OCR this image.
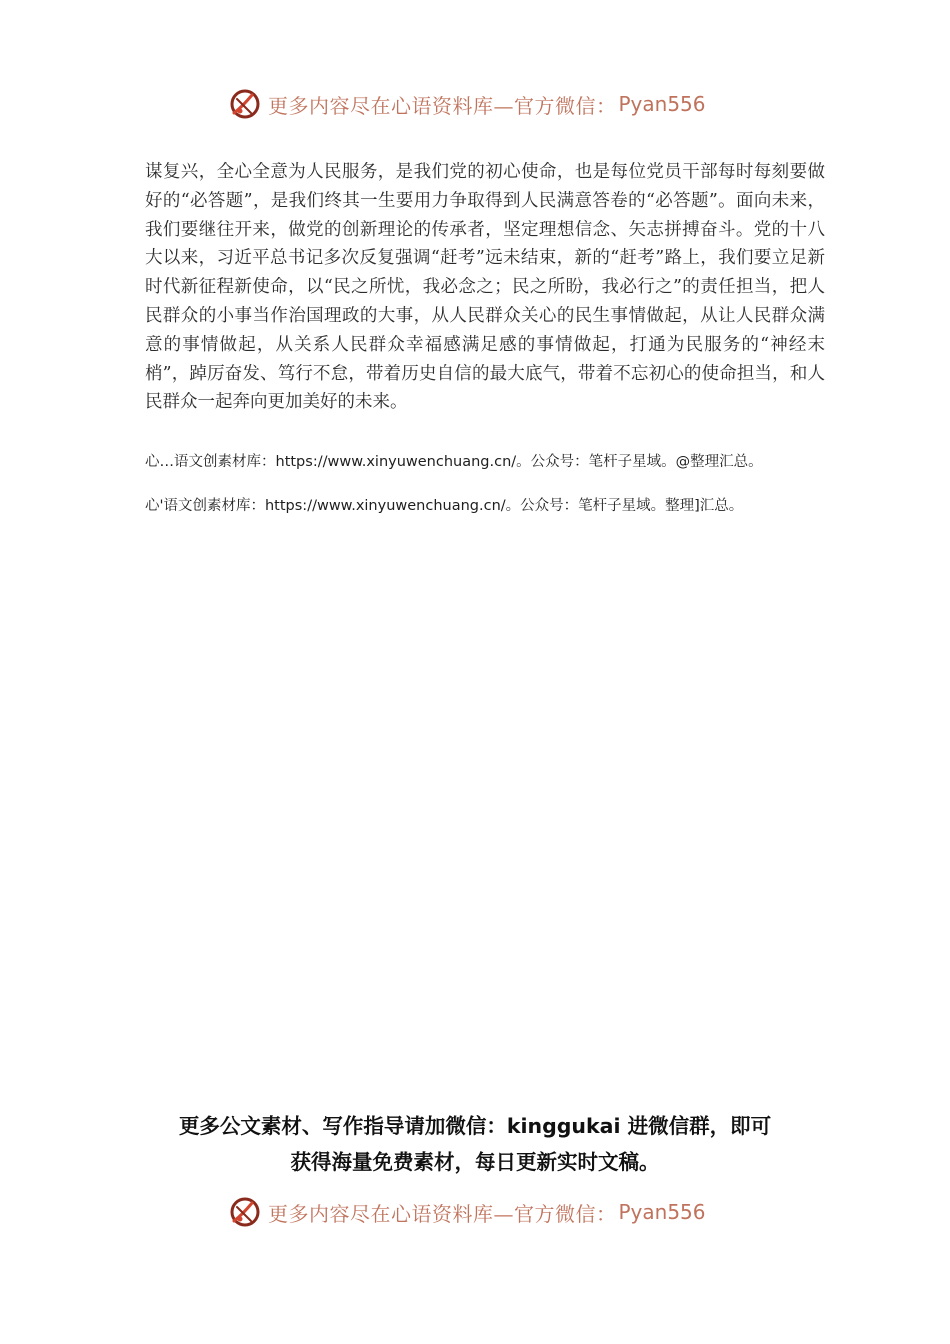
更多内容尽在心语资料库—官方微信： Pyan556

谋复兴，全心全意为人民服务，是我们党的初心使命，也是每位党员干部每时每刻要做好的“必答题”，是我们终其一生要用力争取得到人民满意答卷的“必答题”。面向未来，我们要继往开来，做党的创新理论的传承者，坚定理想信念、矢志拼搏奋斗。党的十八大以来，习近平总书记多次反复强调“赶考”远未结束，新的“赶考”路上，我们要立足新时代新征程新使命，以“民之所忧，我必念之；民之所盼，我必行之”的责任担当，把人民群众的小事当作治国理政的大事，从人民群众关心的民生事情做起，从让人民群众满意的事情做起，从关系人民群众幸福感满足感的事情做起，打通为民服务的“神经末梢”，踔厉奋发、笃行不怠，带着历史自信的最大底气，带着不忘初心的使命担当，和人民群众一起奔向更加美好的未来。

心…语文创素材库：https://www.xinyuwenchuang.cn/。公众号：笔杆子星域。@整理汇总。
心'语文创素材库：https://www.xinyuwenchuang.cn/。公众号：笔杆子星域。整理]汇总。
更多公文素材、写作指导请加微信：kinggukai 进微信群，即可
获得海量免费素材，每日更新实时文稿。
更多内容尽在心语资料库—官方微信： Pyan556
